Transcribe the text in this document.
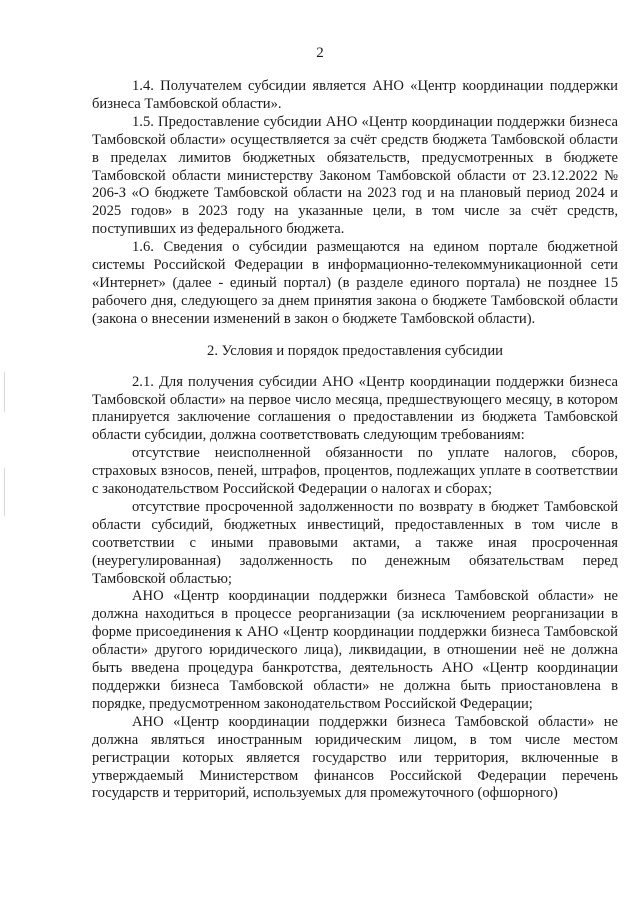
2

1.4. Получателем субсидии является АНО «Центр координации поддержки бизнеса Тамбовской области».

1.5. Предоставление субсидии АНО «Центр координации поддержки бизнеса Тамбовской области» осуществляется за счёт средств бюджета Тамбовской области в пределах лимитов бюджетных обязательств, предусмотренных в бюджете Тамбовской области министерству Законом Тамбовской области от 23.12.2022 № 206-З «О бюджете Тамбовской области на 2023 год и на плановый период 2024 и 2025 годов» в 2023 году на указанные цели, в том числе за счёт средств, поступивших из федерального бюджета.

1.6. Сведения о субсидии размещаются на едином портале бюджетной системы Российской Федерации в информационно-телекоммуникационной сети «Интернет» (далее - единый портал) (в разделе единого портала) не позднее 15 рабочего дня, следующего за днем принятия закона о бюджете Тамбовской области (закона о внесении изменений в закон о бюджете Тамбовской области).

2. Условия и порядок предоставления субсидии

2.1. Для получения субсидии АНО «Центр координации поддержки бизнеса Тамбовской области» на первое число месяца, предшествующего месяцу, в котором планируется заключение соглашения о предоставлении из бюджета Тамбовской области субсидии, должна соответствовать следующим требованиям:

отсутствие неисполненной обязанности по уплате налогов, сборов, страховых взносов, пеней, штрафов, процентов, подлежащих уплате в соответствии с законодательством Российской Федерации о налогах и сборах;

отсутствие просроченной задолженности по возврату в бюджет Тамбовской области субсидий, бюджетных инвестиций, предоставленных в том числе в соответствии с иными правовыми актами, а также иная просроченная (неурегулированная) задолженность по денежным обязательствам перед Тамбовской областью;

АНО «Центр координации поддержки бизнеса Тамбовской области» не должна находиться в процессе реорганизации (за исключением реорганизации в форме присоединения к АНО «Центр координации поддержки бизнеса Тамбовской области» другого юридического лица), ликвидации, в отношении неё не должна быть введена процедура банкротства, деятельность АНО «Центр координации поддержки бизнеса Тамбовской области» не должна быть приостановлена в порядке, предусмотренном законодательством Российской Федерации;

АНО «Центр координации поддержки бизнеса Тамбовской области» не должна являться иностранным юридическим лицом, в том числе местом регистрации которых является государство или территория, включенные в утверждаемый Министерством финансов Российской Федерации перечень государств и территорий, используемых для промежуточного (офшорного)
